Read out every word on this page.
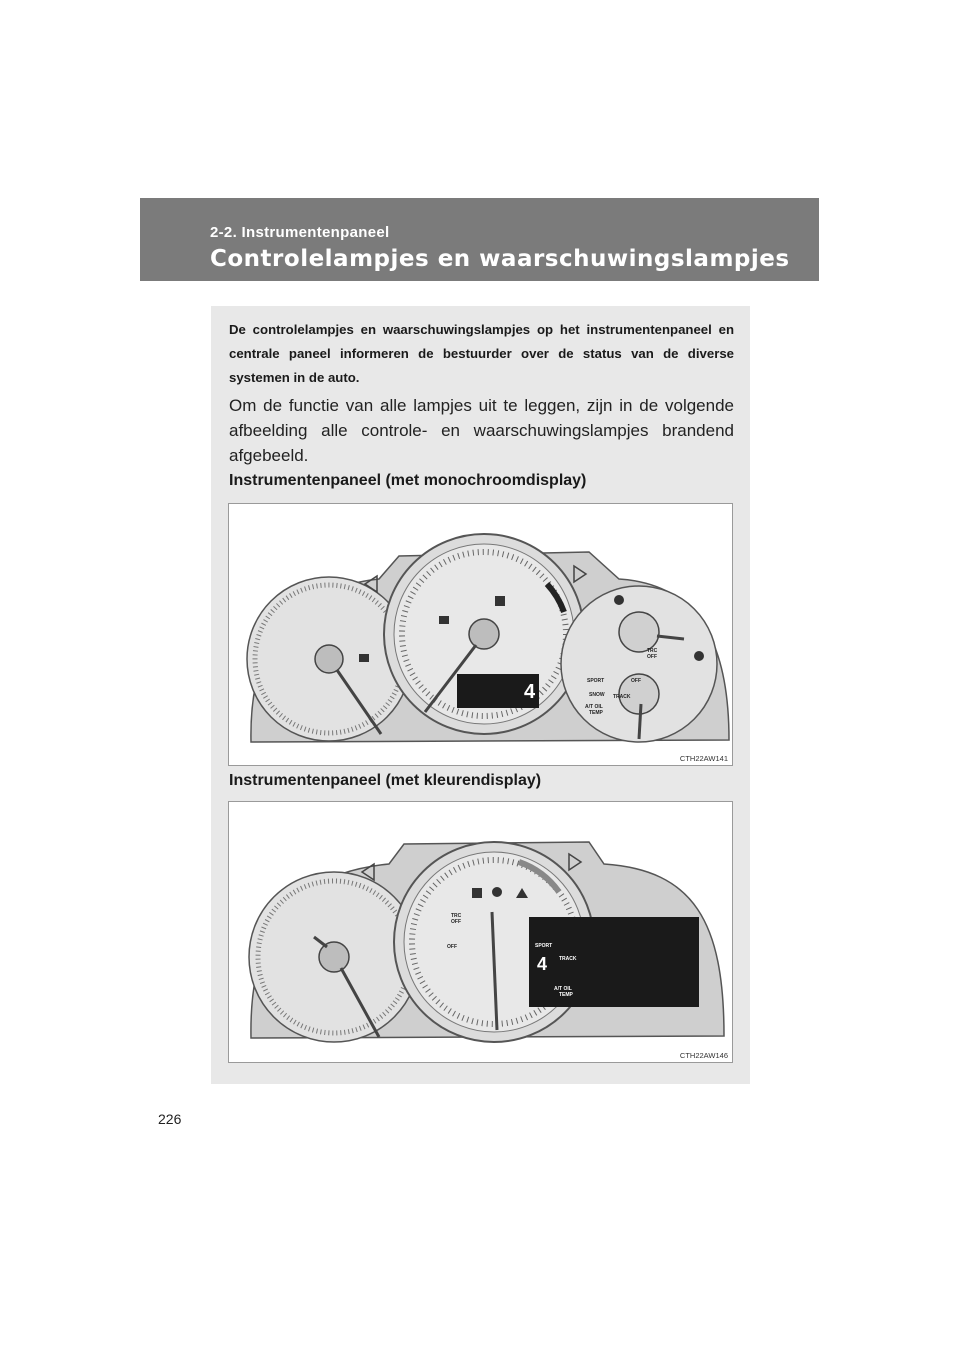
2-2. Instrumentenpaneel
Controlelampjes en waarschuwingslampjes
De controlelampjes en waarschuwingslampjes op het instrumentenpaneel en centrale paneel informeren de bestuurder over de status van de diverse systemen in de auto.
Om de functie van alle lampjes uit te leggen, zijn in de volgende afbeelding alle controle- en waarschuwingslampjes brandend afgebeeld.
Instrumentenpaneel (met monochroomdisplay)
4
TRC
OFF
OFF
SPORT
SNOW TRACK
A/T OIL
TEMP
CTH22AW141
Instrumentenpaneel (met kleurendisplay)
4
SPORT
TRACK
A/T OIL
TEMP
TRC
OFF
OFF
CTH22AW146
226
